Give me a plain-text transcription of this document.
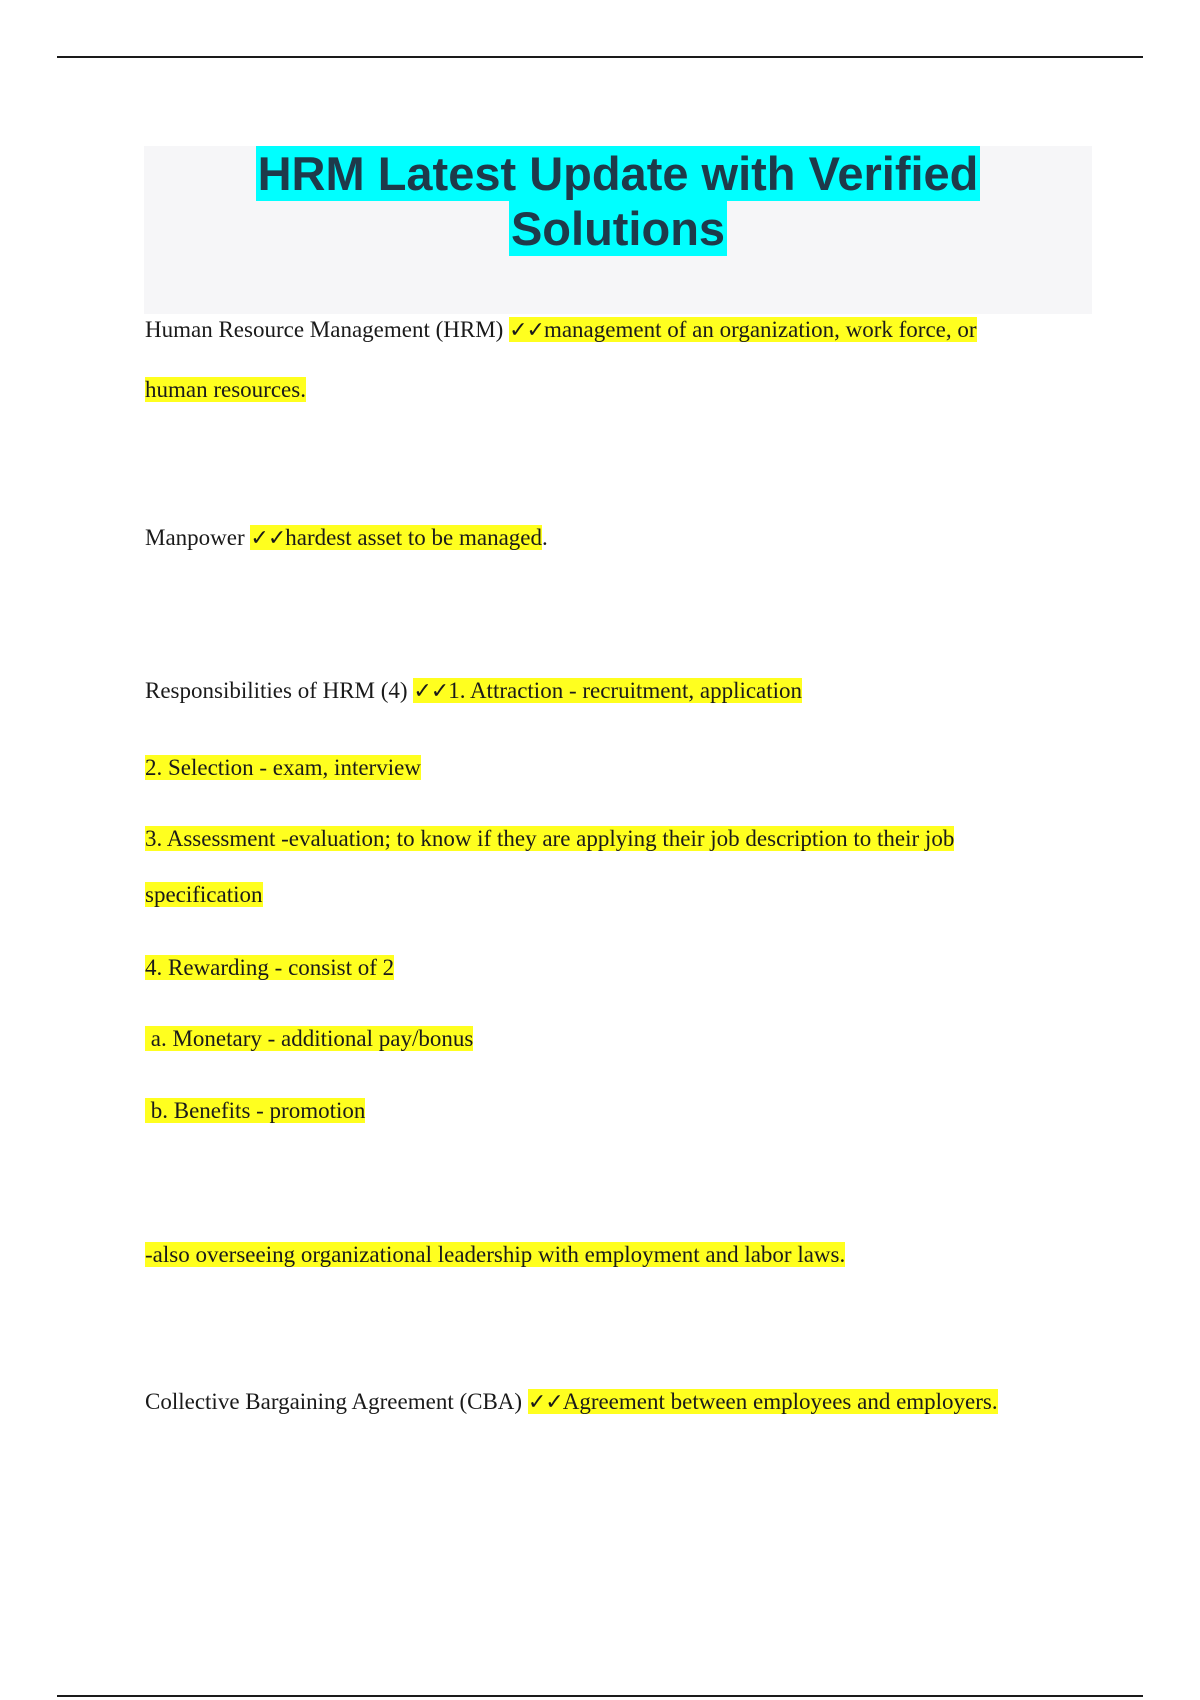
HRM Latest Update with Verified
Solutions
Human Resource Management (HRM) ✓✓management of an organization, work force, or
human resources.
Manpower ✓✓hardest asset to be managed.
Responsibilities of HRM (4) ✓✓1. Attraction - recruitment, application
2. Selection - exam, interview
3. Assessment -evaluation; to know if they are applying their job description to their job
specification
4. Rewarding - consist of 2
a. Monetary - additional pay/bonus
b. Benefits - promotion
-also overseeing organizational leadership with employment and labor laws.
Collective Bargaining Agreement (CBA) ✓✓Agreement between employees and employers.
